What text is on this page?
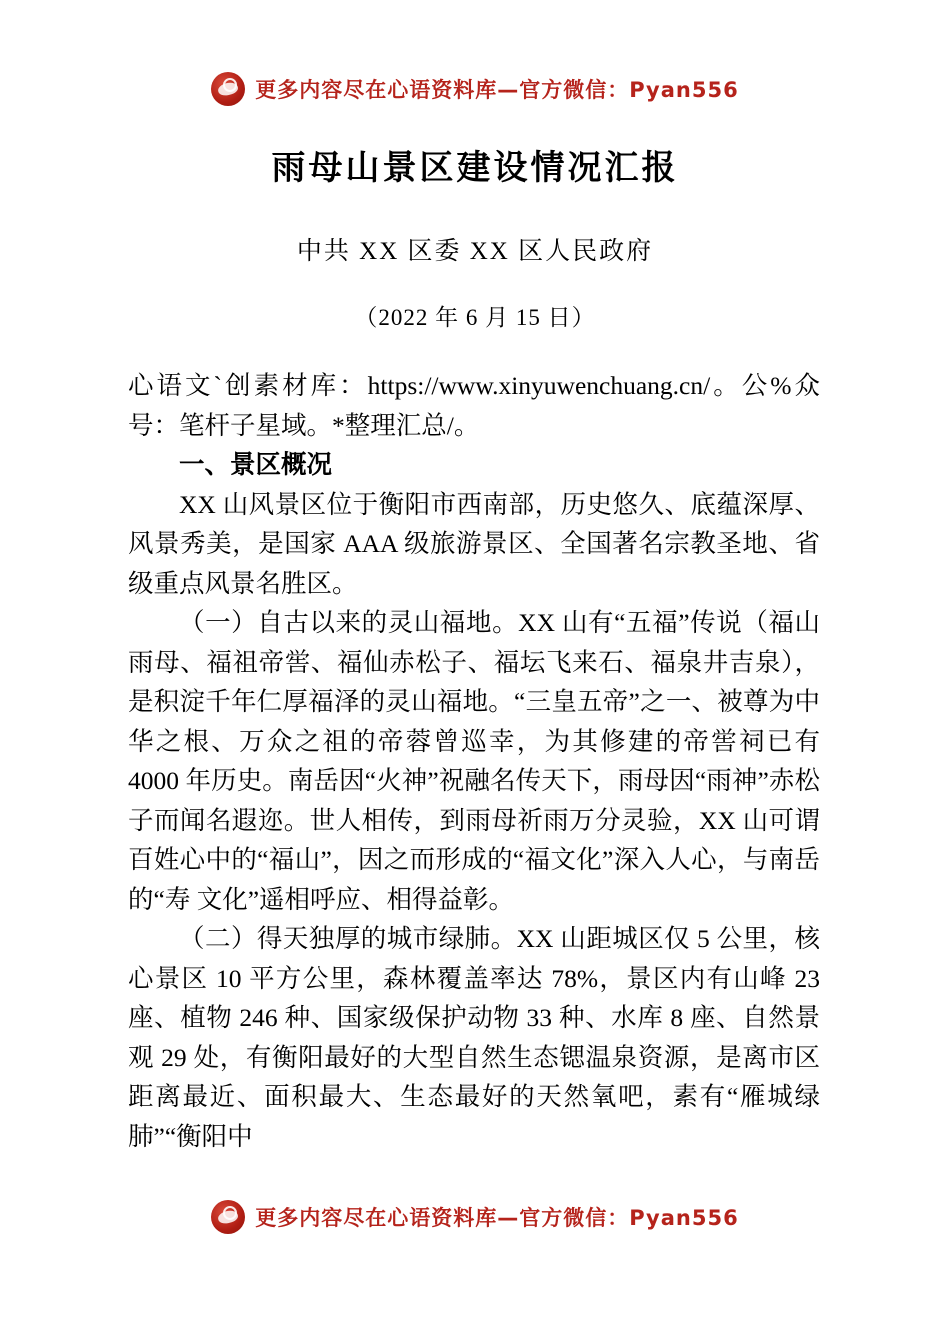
更多内容尽在心语资料库—官方微信：Pyan556
雨母山景区建设情况汇报
中共 XX 区委 XX 区人民政府
（2022 年 6 月 15 日）

心语文`创素材库：https://www.xinyuwenchuang.cn/。公%众号：笔杆子星域。*整理汇总/。

一、景区概况

XX 山风景区位于衡阳市西南部，历史悠久、底蕴深厚、风景秀美，是国家 AAA 级旅游景区、全国著名宗教圣地、省级重点风景名胜区。

（一）自古以来的灵山福地。XX 山有“五福”传说（福山雨母、福祖帝喾、福仙赤松子、福坛飞来石、福泉井吉泉）， 是积淀千年仁厚福泽的灵山福地。“三皇五帝”之一、被尊为中 华之根、万众之祖的帝蓉曾巡幸，为其修建的帝喾祠已有 4000 年历史。南岳因“火神”祝融名传天下，雨母因“雨神”赤松子而闻名遐迩。世人相传，到雨母祈雨万分灵验，XX 山可谓百姓心中的“福山”，因之而形成的“福文化”深入人心，与南岳的“寿 文化”遥相呼应、相得益彰。

（二）得天独厚的城市绿肺。XX 山距城区仅 5 公里，核心景区 10 平方公里，森林覆盖率达 78%，景区内有山峰 23 座、植物 246 种、国家级保护动物 33 种、水库 8 座、自然景观 29 处，有衡阳最好的大型自然生态锶温泉资源，是离市区距离最近、面积最大、生态最好的天然氧吧，素有“雁城绿肺”“衡阳中

更多内容尽在心语资料库—官方微信：Pyan556
